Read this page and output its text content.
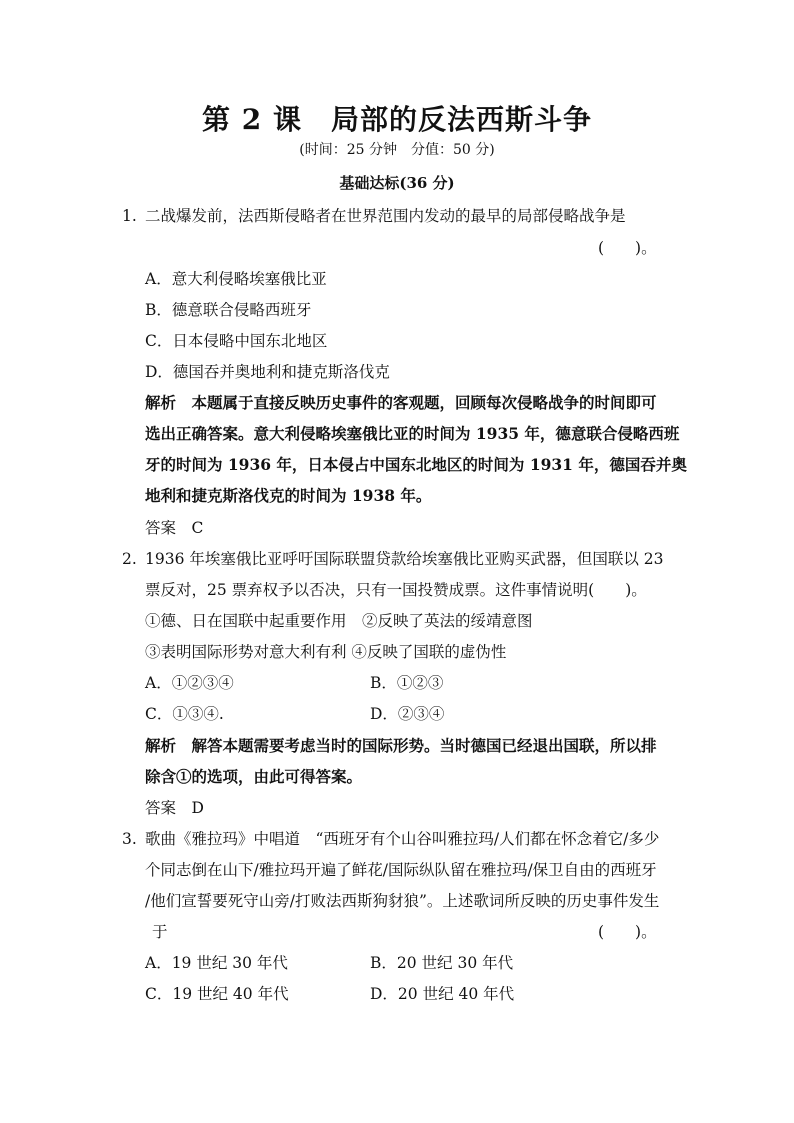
第 2 课　局部的反法西斯斗争
(时间：25 分钟　分值：50 分)
基础达标(36 分)
1. 二战爆发前，法西斯侵略者在世界范围内发动的最早的局部侵略战争是
(　　)。
A．意大利侵略埃塞俄比亚
B．德意联合侵略西班牙
C．日本侵略中国东北地区
D．德国吞并奥地利和捷克斯洛伐克
解析　本题属于直接反映历史事件的客观题，回顾每次侵略战争的时间即可
选出正确答案。意大利侵略埃塞俄比亚的时间为 1935 年，德意联合侵略西班
牙的时间为 1936 年，日本侵占中国东北地区的时间为 1931 年，德国吞并奥
地利和捷克斯洛伐克的时间为 1938 年。
答案　C
2. 1936 年埃塞俄比亚呼吁国际联盟贷款给埃塞俄比亚购买武器，但国联以 23
票反对，25 票弃权予以否决，只有一国投赞成票。这件事情说明(　　)。
①德、日在国联中起重要作用　②反映了英法的绥靖意图
③表明国际形势对意大利有利 ④反映了国联的虚伪性
A．①②③④	B．①②③
C．①③④.	D．②③④
解析　解答本题需要考虑当时的国际形势。当时德国已经退出国联，所以排
除含①的选项，由此可得答案。
答案　D
3. 歌曲《雅拉玛》中唱道　“西班牙有个山谷叫雅拉玛/人们都在怀念着它/多少
个同志倒在山下/雅拉玛开遍了鲜花/国际纵队留在雅拉玛/保卫自由的西班牙
/他们宣誓要死守山旁/打败法西斯狗豺狼”。上述歌词所反映的历史事件发生
于	(　　)。
A．19 世纪 30 年代	B．20 世纪 30 年代
C．19 世纪 40 年代	D．20 世纪 40 年代
